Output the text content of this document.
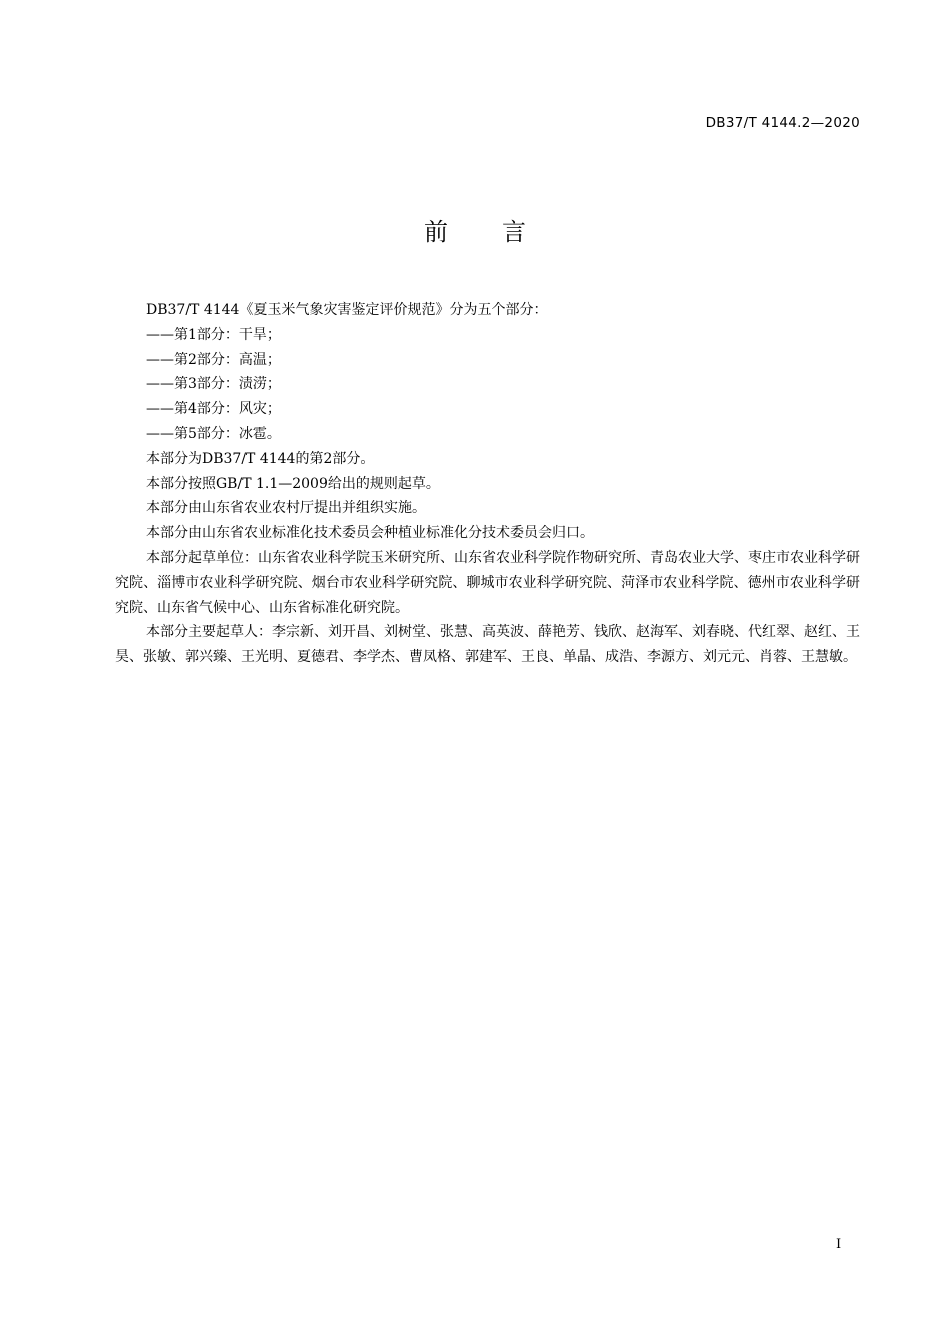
DB37/T 4144.2—2020
前 言

DB37/T 4144《夏玉米气象灾害鉴定评价规范》分为五个部分：

——第1部分：干旱；

——第2部分：高温；

——第3部分：渍涝；

——第4部分：风灾；

——第5部分：冰雹。

本部分为DB37/T 4144的第2部分。

本部分按照GB/T 1.1—2009给出的规则起草。

本部分由山东省农业农村厅提出并组织实施。

本部分由山东省农业标准化技术委员会种植业标准化分技术委员会归口。

本部分起草单位：山东省农业科学院玉米研究所、山东省农业科学院作物研究所、青岛农业大学、枣庄市农业科学研究院、淄博市农业科学研究院、烟台市农业科学研究院、聊城市农业科学研究院、菏泽市农业科学院、德州市农业科学研究院、山东省气候中心、山东省标准化研究院。

本部分主要起草人：李宗新、刘开昌、刘树堂、张慧、高英波、薛艳芳、钱欣、赵海军、刘春晓、代红翠、赵红、王昊、张敏、郭兴臻、王光明、夏德君、李学杰、曹凤格、郭建军、王良、单晶、成浩、李源方、刘元元、肖蓉、王慧敏。

I
